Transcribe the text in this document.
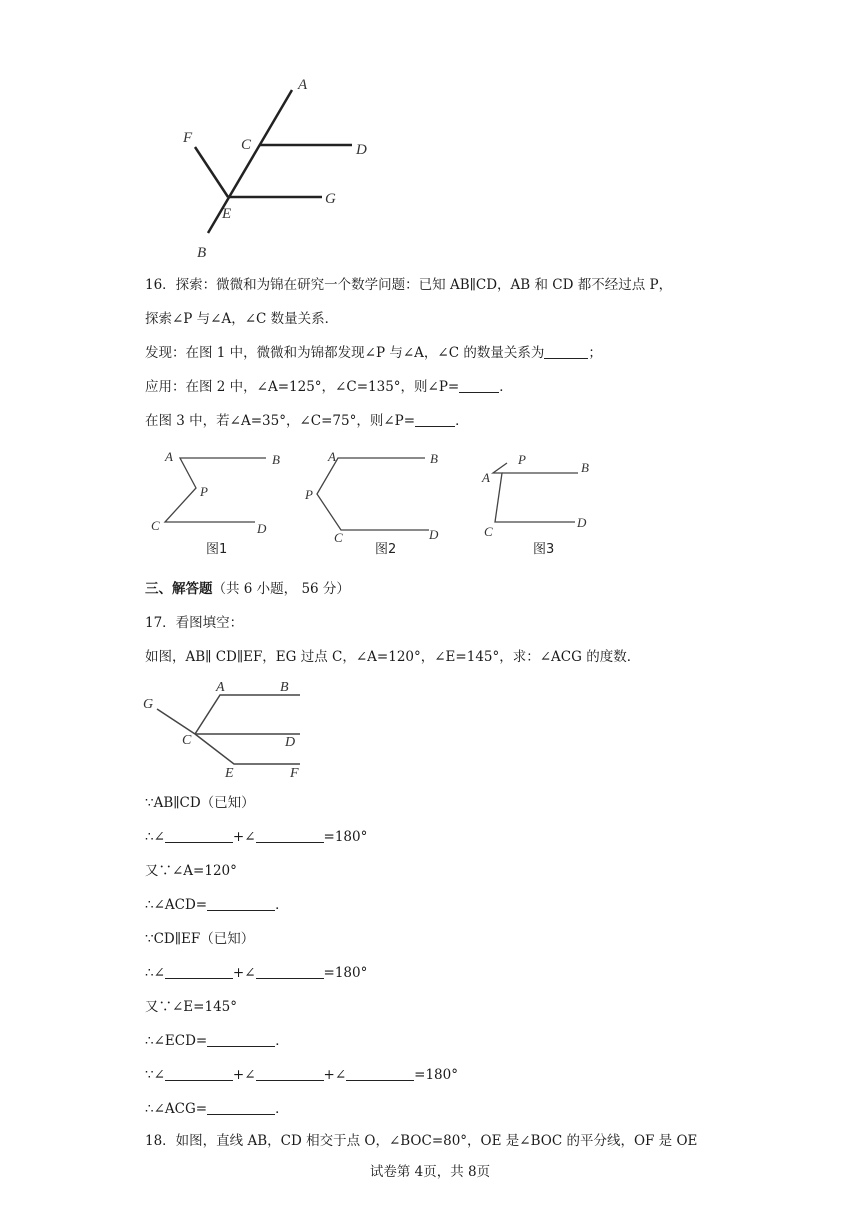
A
C	D
F
E
G
B
16．探索：微微和为锦在研究一个数学问题：已知 AB∥CD，AB 和 CD 都不经过点 P，
探索∠P 与∠A，∠C 数量关系．
发现：在图 1 中，微微和为锦都发现∠P 与∠A，∠C 的数量关系为	；
应用：在图 2 中，∠A=125°，∠C=135°，则∠P=	．
在图 3 中，若∠A=35°，∠C=75°，则∠P=	．
A	B
P
C	D
图1
A	B
P
C	D
图2
A
P
B
C
D
图3
三、解答题（共 6 小题， 56 分）
17．看图填空：
如图，AB∥ CD∥EF，EG 过点 C，∠A=120°，∠E=145°，求：∠ACG 的度数．
G
A	B
C	D
E	F
∵AB∥CD（已知）
∴∠	+∠	=180°
又∵∠A=120°
∴∠ACD=	．
∵CD∥EF（已知）
∴∠	+∠	=180°
又∵∠E=145°
∴∠ECD=	．
∵∠	+∠	+∠	=180°
∴∠ACG=	．
18．如图，直线 AB，CD 相交于点 O，∠BOC=80°，OE 是∠BOC 的平分线，OF 是 OE
试卷第 4页，共 8页
